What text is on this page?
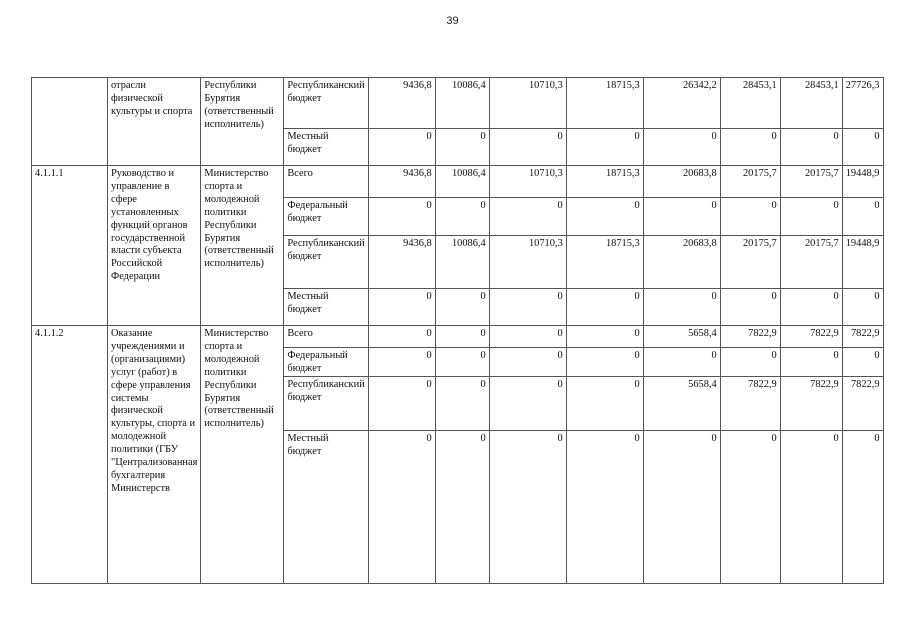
39
	отрасли физической культуры и спорта	Республики Бурятия (ответственный исполнитель)	Республиканский бюджет	9436,8	10086,4	10710,3	18715,3	26342,2	28453,1	28453,1	27726,3
			Местный бюджет	0	0	0	0	0	0	0	0
4.1.1.1	Руководство и управление в сфере установленных функций органов государственной власти субъекта Российской Федерации	Министерство спорта и молодежной политики Республики Бурятия (ответственный исполнитель)	Всего	9436,8	10086,4	10710,3	18715,3	20683,8	20175,7	20175,7	19448,9
			Федеральный бюджет	0	0	0	0	0	0	0	0
			Республиканский бюджет	9436,8	10086,4	10710,3	18715,3	20683,8	20175,7	20175,7	19448,9
			Местный бюджет	0	0	0	0	0	0	0	0
4.1.1.2	Оказание учреждениями и (организациями) услуг (работ) в сфере управления системы физической культуры, спорта и молодежной политики (ГБУ "Централизованная бухгалтерия Министерств	Министерство спорта и молодежной политики Республики Бурятия (ответственный исполнитель)	Всего	0	0	0	0	5658,4	7822,9	7822,9	7822,9
			Федеральный бюджет	0	0	0	0	0	0	0	0
			Республиканский бюджет	0	0	0	0	5658,4	7822,9	7822,9	7822,9
			Местный бюджет	0	0	0	0	0	0	0	0
